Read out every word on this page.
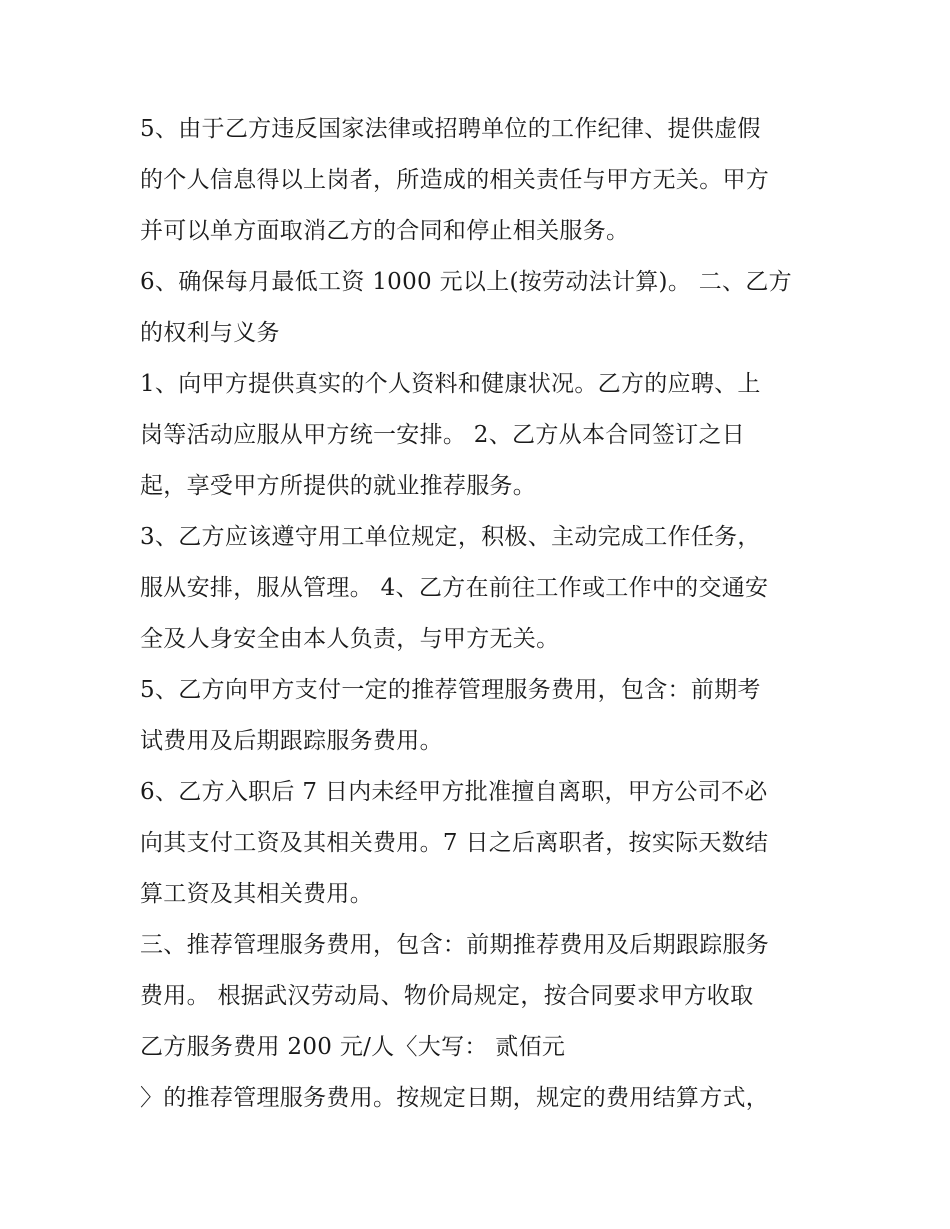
5、由于乙方违反国家法律或招聘单位的工作纪律、提供虚假
的个人信息得以上岗者，所造成的相关责任与甲方无关。甲方
并可以单方面取消乙方的合同和停止相关服务。
6、确保每月最低工资 1000 元以上(按劳动法计算)。 二、乙方
的权利与义务
1、向甲方提供真实的个人资料和健康状况。乙方的应聘、上
岗等活动应服从甲方统一安排。 2、乙方从本合同签订之日
起，享受甲方所提供的就业推荐服务。
3、乙方应该遵守用工单位规定，积极、主动完成工作任务，
服从安排，服从管理。 4、乙方在前往工作或工作中的交通安
全及人身安全由本人负责，与甲方无关。
5、乙方向甲方支付一定的推荐管理服务费用，包含：前期考
试费用及后期跟踪服务费用。
6、乙方入职后 7 日内未经甲方批准擅自离职，甲方公司不必
向其支付工资及其相关费用。7 日之后离职者，按实际天数结
算工资及其相关费用。
三、推荐管理服务费用，包含：前期推荐费用及后期跟踪服务
费用。 根据武汉劳动局、物价局规定，按合同要求甲方收取
乙方服务费用 200 元/人〈大写： 贰佰元
〉的推荐管理服务费用。按规定日期，规定的费用结算方式，
